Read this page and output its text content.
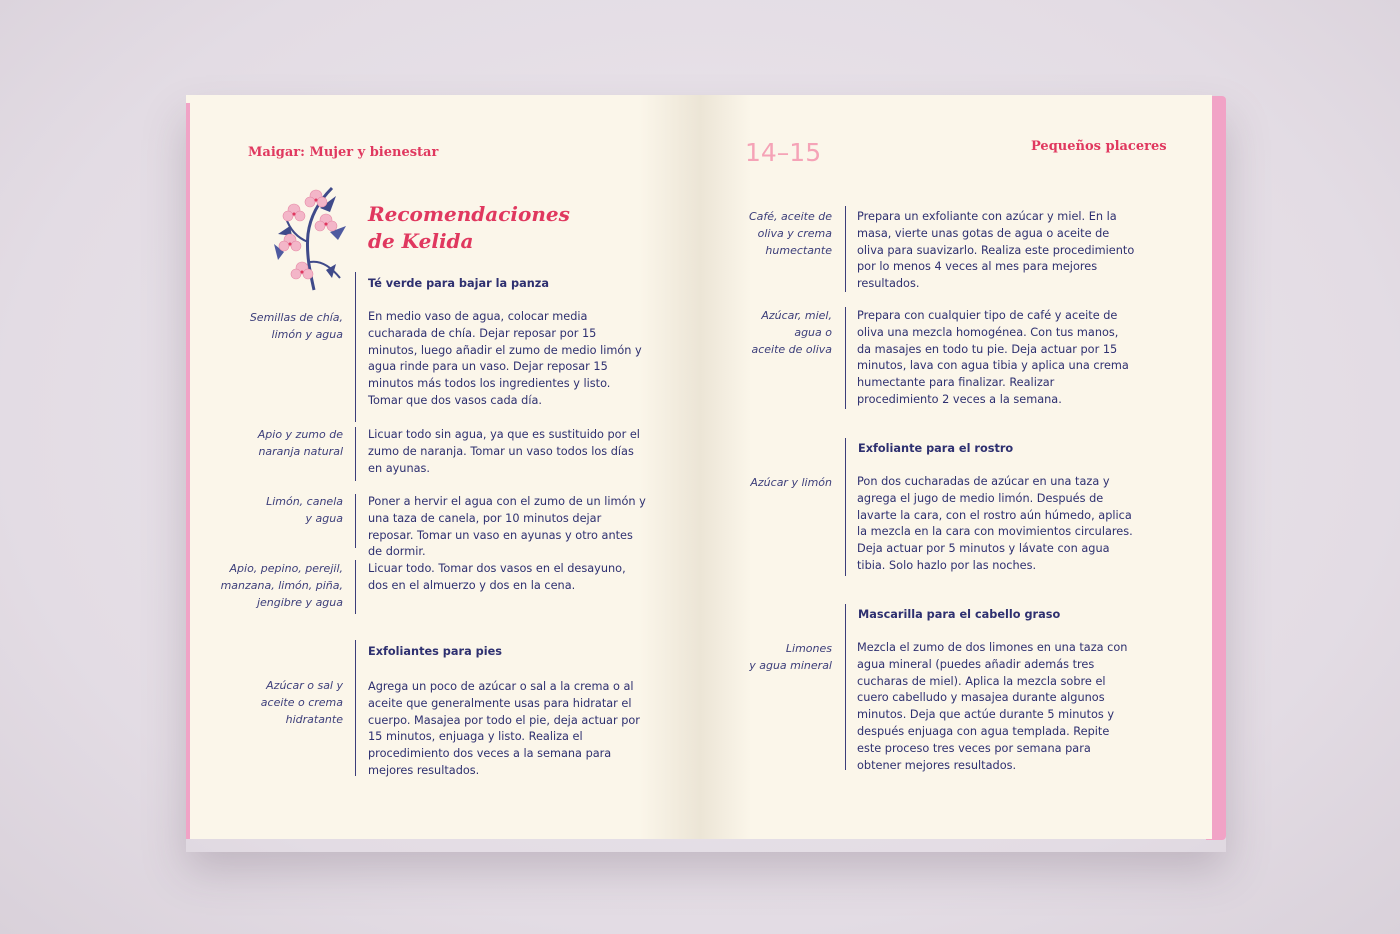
Maigar: Mujer y bienestar	14–15	Pequeños placeres
Recomendaciones
de Kelida
Té verde para bajar la panza
Semillas de chía,
limón y agua
En medio vaso de agua, colocar media cucharada de chía. Dejar reposar por 15 minutos, luego añadir el zumo de medio limón y agua rinde para un vaso. Dejar reposar 15 minutos más todos los ingredientes y listo. Tomar que dos vasos cada día.
Apio y zumo de
naranja natural
Licuar todo sin agua, ya que es sustituido por el zumo de naranja. Tomar un vaso todos los días en ayunas.
Limón, canela
y agua
Poner a hervir el agua con el zumo de un limón y una taza de canela, por 10 minutos dejar reposar. Tomar un vaso en ayunas y otro antes de dormir.
Apio, pepino, perejil,
manzana, limón, piña,
jengibre y agua
Licuar todo. Tomar dos vasos en el desayuno, dos en el almuerzo y dos en la cena.
Exfoliantes para pies
Azúcar o sal y
aceite o crema
hidratante
Agrega un poco de azúcar o sal a la crema o al aceite que generalmente usas para hidratar el cuerpo. Masajea por todo el pie, deja actuar por 15 minutos, enjuaga y listo. Realiza el procedimiento dos veces a la semana para mejores resultados.
Café, aceite de
oliva y crema
humectante
Prepara un exfoliante con azúcar y miel. En la masa, vierte unas gotas de agua o aceite de oliva para suavizarlo. Realiza este procedimiento por lo menos 4 veces al mes para mejores resultados.
Azúcar, miel,
agua o
aceite de oliva
Prepara con cualquier tipo de café y aceite de oliva una mezcla homogénea. Con tus manos, da masajes en todo tu pie. Deja actuar por 15 minutos, lava con agua tibia y aplica una crema humectante para finalizar. Realizar procedimiento 2 veces a la semana.
Exfoliante para el rostro
Azúcar y limón Pon dos cucharadas de azúcar en una taza y agrega el jugo de medio limón. Después de lavarte la cara, con el rostro aún húmedo, aplica la mezcla en la cara con movimientos circulares. Deja actuar por 5 minutos y lávate con agua tibia. Solo hazlo por las noches.
Mascarilla para el cabello graso
Limones
y agua mineral
Mezcla el zumo de dos limones en una taza con agua mineral (puedes añadir además tres cucharas de miel). Aplica la mezcla sobre el cuero cabelludo y masajea durante algunos minutos. Deja que actúe durante 5 minutos y después enjuaga con agua templada. Repite este proceso tres veces por semana para obtener mejores resultados.
